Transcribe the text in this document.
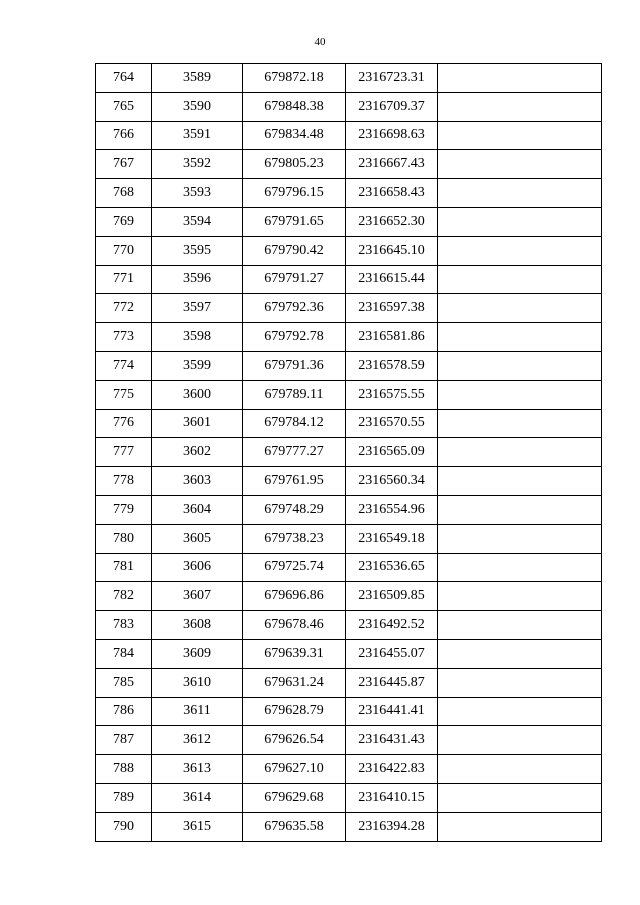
40
764	3589	679872.18	2316723.31	
765	3590	679848.38	2316709.37	
766	3591	679834.48	2316698.63	
767	3592	679805.23	2316667.43	
768	3593	679796.15	2316658.43	
769	3594	679791.65	2316652.30	
770	3595	679790.42	2316645.10	
771	3596	679791.27	2316615.44	
772	3597	679792.36	2316597.38	
773	3598	679792.78	2316581.86	
774	3599	679791.36	2316578.59	
775	3600	679789.11	2316575.55	
776	3601	679784.12	2316570.55	
777	3602	679777.27	2316565.09	
778	3603	679761.95	2316560.34	
779	3604	679748.29	2316554.96	
780	3605	679738.23	2316549.18	
781	3606	679725.74	2316536.65	
782	3607	679696.86	2316509.85	
783	3608	679678.46	2316492.52	
784	3609	679639.31	2316455.07	
785	3610	679631.24	2316445.87	
786	3611	679628.79	2316441.41	
787	3612	679626.54	2316431.43	
788	3613	679627.10	2316422.83	
789	3614	679629.68	2316410.15	
790	3615	679635.58	2316394.28	
